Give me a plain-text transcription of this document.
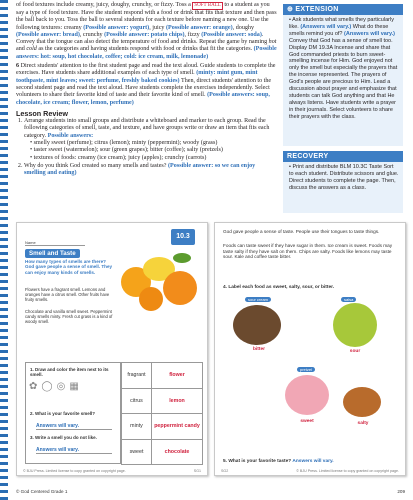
of food textures include creamy, juicy, doughy, crunchy, or fizzy. Toss a SOFT BALL to a student as you say a type of food texture. Have the student respond with a food or drink that fits that texture and then pass the ball back to you. Toss the ball to several students for each texture before naming a new one. Use the following textures: creamy (Possible answer: yogurt), juicy (Possible answer: orange), doughy (Possible answer: bread), crunchy (Possible answer: potato chips), fizzy (Possible answer: soda). Convey that the tongue can also detect the temperature of food and drinks. Repeat the game by naming hot and cold as the categories and having students respond with food or drinks that fit the categories. (Possible answers: hot: soup, hot chocolate, coffee; cold: ice cream, milk, lemonade)

6 Direct students' attention to the first student page and read the text aloud. Guide students to complete the exercises. Have students share additional examples of each type of smell. (minty: mint gum, mint toothpaste, mint leaves; sweet: perfume, freshly baked cookies) Then, direct students' attention to the second student page and read the text aloud. Have students complete the exercises independently. Select volunteers to share their favorite kind of taste and their favorite kind of smell. (Possible answers: soup, chocolate, ice cream; flower, lemon, perfume)

Lesson Review
1. Arrange students into small groups and distribute a whiteboard and marker to each group. Read the following categories of smell, taste, and texture, and have groups write or draw an item that fits each category. Possible answers:
• smelly sweet (perfume); citrus (lemon); minty (peppermint); woody (grass)
• taster sweet (watermelon); sour (green grapes); bitter (coffee); salty (pretzels)
• textures of foods: creamy (ice cream); juicy (apples); crunchy (carrots)
2. Why do you think God created so many smells and tastes? (Possible answer: so we can enjoy smelling and eating)
⊕ EXTENSION
• Ask students what smells they particularly like. (Answers will vary.) What do these smells remind you of? (Answers will vary.) Convey that God has a sense of smell too. Display DM 19.3A Incense and share that God commanded priests to burn sweet-smelling incense for Him. God enjoyed not only the smell but especially the prayers that the incense represented. The prayers of God's people are precious to Him. Lead a discussion about prayer and emphasize that students can talk God anything and that He always listens. Have students write a prayer in their journals. Select volunteers to share their prayers with the class.
RECOVERY
• Print and distribute BLM 10.3C Taste Sort to each student. Distribute scissors and glue. Direct students to complete the page. Then, discuss the answers as a class.
10.3
Name
Smell and Taste
How many types of smells are there? God gave people a sense of smell. They can enjoy many kinds of smells.
Flowers have a fragrant smell. Lemons and oranges have a citrus smell. Other fruits have fruity smells.
Chocolate and vanilla smell sweet. Peppermint candy smells minty. Fresh cut grass is a kind of woody smell.
1. Draw and color the item next to its smell.
2. What is your favorite smell?
Answers will vary.
3. Write a smell you do not like.
Answers will vary.
✿◯◎▦
fragrant	flower
citrus	lemon
minty	peppermint candy
sweet	chocolate
© BJU Press. Limited license to copy granted on copyright page.	SG1
God gave people a sense of taste. People use their tongues to taste things.
Foods can taste sweet if they have sugar in them. Ice cream is sweet. Foods may taste salty if they have salt on them. Chips are salty. Foods like lemons may taste sour. Kale and coffee taste bitter.
4. Label each food as sweet, salty, sour, or bitter.
sour cream	salsa
bitter	sour
pretzel
sweet	salty
5. What is your favorite taste? Answers will vary.
SG2	© BJU Press. Limited license to copy granted on copyright page.
© God Centered Grade 1	209
